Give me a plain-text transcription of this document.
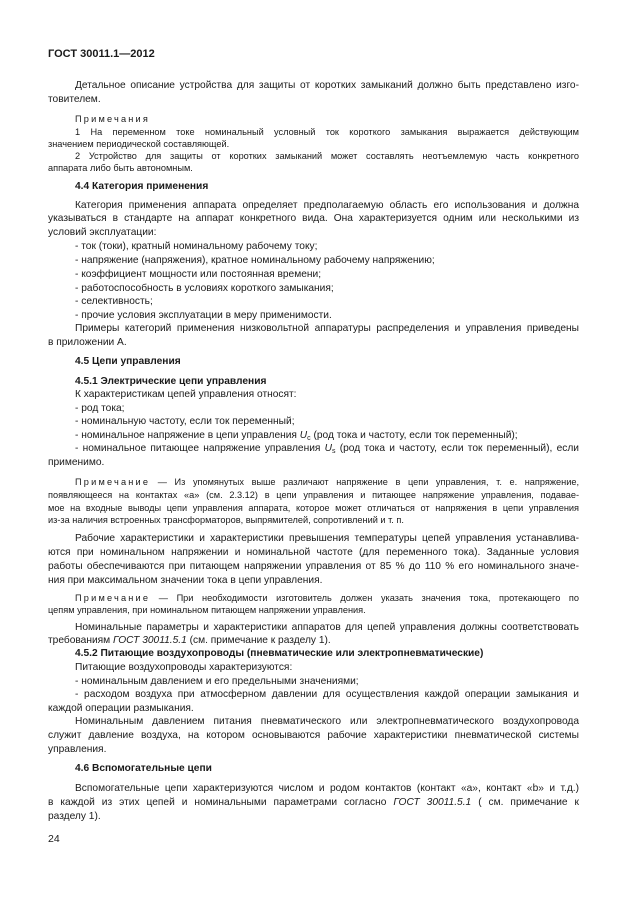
ГОСТ 30011.1—2012
Детальное описание устройства для защиты от коротких замыканий должно быть представлено изго-
товителем.
Примечания
1 На переменном токе номинальный условный ток короткого замыкания выражается действующим
значением периодической составляющей.
2 Устройство для защиты от коротких замыканий может составлять неотъемлемую часть конкретного
аппарата либо быть автономным.
4.4 Категория применения
Категория применения аппарата определяет предполагаемую область его использования и должна
указываться в стандарте на аппарат конкретного вида. Она характеризуется одним или несколькими из
условий эксплуатации:
- ток (токи), кратный номинальному рабочему току;
- напряжение (напряжения), кратное номинальному рабочему напряжению;
- коэффициент мощности или постоянная времени;
- работоспособность в условиях короткого замыкания;
- селективность;
- прочие условия эксплуатации в меру применимости.
Примеры категорий применения низковольтной аппаратуры распределения и управления приведены
в приложении А.
4.5 Цепи управления
4.5.1 Электрические цепи управления
К характеристикам цепей управления относят:
- род тока;
- номинальную частоту, если ток переменный;
- номинальное напряжение в цепи управления $U_c$ (род тока и частоту, если ток переменный);
- номинальное питающее напряжение управления $U_s$ (род тока и частоту, если ток переменный), если
применимо.
Примечание — Из упомянутых выше различают напряжение в цепи управления, т. е. напряжение,
появляющееся на контактах «a» (см. 2.3.12) в цепи управления и питающее напряжение управления, подавае-
мое на входные выводы цепи управления аппарата, которое может отличаться от напряжения в цепи управления
из-за наличия встроенных трансформаторов, выпрямителей, сопротивлений и т. п.
Рабочие характеристики и характеристики превышения температуры цепей управления устанавлива-
ются при номинальном напряжении и номинальной частоте (для переменного тока). Заданные условия
работы обеспечиваются при питающем напряжении управления от 85 % до 110 % его номинального значе-
ния при максимальном значении тока в цепи управления.
Примечание — При необходимости изготовитель должен указать значения тока, протекающего по
цепям управления, при номинальном питающем напряжении управления.
Номинальные параметры и характеристики аппаратов для цепей управления должны соответствовать
требованиям ГОСТ 30011.5.1 (см. примечание к разделу 1).
4.5.2 Питающие воздухопроводы (пневматические или электропневматические)
Питающие воздухопроводы характеризуются:
- номинальным давлением и его предельными значениями;
- расходом воздуха при атмосферном давлении для осуществления каждой операции замыкания и
каждой операции размыкания.
Номинальным давлением питания пневматического или электропневматического воздухопровода
служит давление воздуха, на котором основываются рабочие характеристики пневматической системы
управления.
4.6 Вспомогательные цепи
Вспомогательные цепи характеризуются числом и родом контактов (контакт «а», контакт «b» и т.д.)
в каждой из этих цепей и номинальными параметрами согласно ГОСТ 30011.5.1 ( см. примечание к
разделу 1).
24
